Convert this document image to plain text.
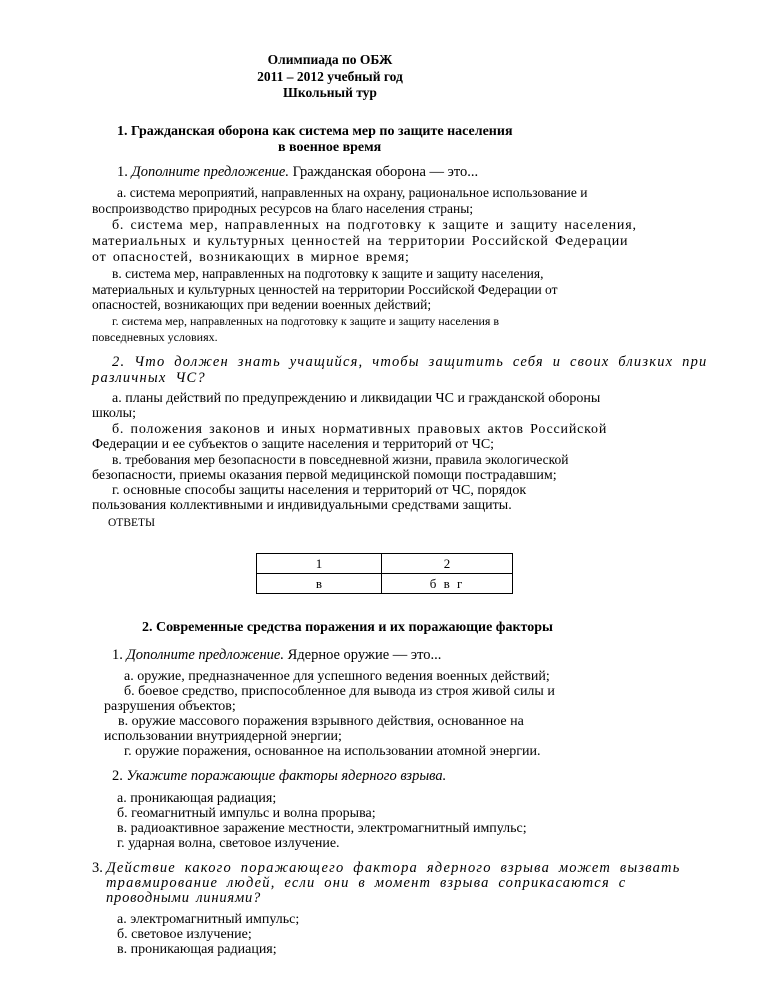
Олимпиада по ОБЖ
2011 – 2012 учебный год
Школьный тур
1. Гражданская оборона как система мер по защите населения
в военное время
1. Дополните предложение. Гражданская оборона — это...
а. система мероприятий, направленных на охрану, рациональное использование и
воспроизводство природных ресурсов на благо населения страны;
б. система мер, направленных на подготовку к защите и защиту населения,
материальных и культурных ценностей на территории Российской Федерации
от опасностей, возникающих в мирное время;
в. система мер, направленных на подготовку к защите и защиту населения,
материальных и культурных ценностей на территории Российской Федерации от
опасностей, возникающих при ведении военных действий;
г. система мер, направленных на подготовку к защите и защиту населения в
повседневных условиях.
2. Что должен знать учащийся, чтобы защитить себя и своих близких при
различных ЧС?
а. планы действий по предупреждению и ликвидации ЧС и гражданской обороны
школы;
б. положения законов и иных нормативных правовых актов Российской
Федерации и ее субъектов о защите населения и территорий от ЧС;
в. требования мер безопасности в повседневной жизни, правила экологической
безопасности, приемы оказания первой медицинской помощи пострадавшим;
г. основные способы защиты населения и территорий от ЧС, порядок
пользования коллективными и индивидуальными средствами защиты.
ОТВЕТЫ
1	2
в	б в г
2. Современные средства поражения и их поражающие факторы
1. Дополните предложение. Ядерное оружие — это...
а. оружие, предназначенное для успешного ведения военных действий;
б. боевое средство, приспособленное для вывода из строя живой силы и
разрушения объектов;
в. оружие массового поражения взрывного действия, основанное на
использовании внутриядерной энергии;
г. оружие поражения, основанное на использовании атомной энергии.
2. Укажите поражающие факторы ядерного взрыва.
а. проникающая радиация;
б. геомагнитный импульс и волна прорыва;
в. радиоактивное заражение местности, электромагнитный импульс;
г. ударная волна, световое излучение.
3. Действие какого поражающего фактора ядерного взрыва может вызвать
травмирование людей, если они в момент взрыва соприкасаются с
проводными линиями?
а. электромагнитный импульс;
б. световое излучение;
в. проникающая радиация;
